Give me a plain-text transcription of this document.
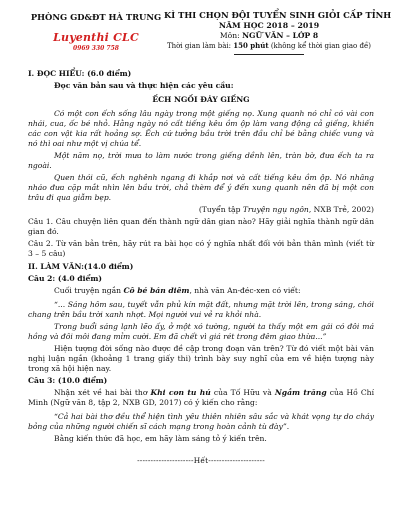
PHÒNG GD&ĐT HÀ TRUNG
Luyenthi CLC
0969 330 758
KÌ THI CHỌN ĐỘI TUYỂN SINH GIỎI CẤP TỈNH
NĂM HỌC 2018 – 2019
Môn: NGỮ VĂN – LỚP 8
Thời gian làm bài: 150 phút (không kể thời gian giao đề)
I. ĐỌC HIỂU: (6.0 điểm)

Đọc văn bản sau và thực hiện các yêu cầu:

ẾCH NGỒI ĐÁY GIẾNG

Có một con ếch sống lâu ngày trong một giếng nọ. Xung quanh nó chỉ có vài con nhái, cua, ốc bé nhỏ. Hằng ngày nó cất tiếng kêu ồm ộp làm vang động cả giếng, khiến các con vật kia rất hoảng sợ. Ếch cứ tưởng bầu trời trên đầu chỉ bé bằng chiếc vung và nó thì oai như một vị chúa tể.

Một năm nọ, trời mưa to làm nước trong giếng dềnh lên, tràn bờ, đưa ếch ta ra ngoài.

Quen thói cũ, ếch nghênh ngang đi khắp nơi và cất tiếng kêu ồm ộp. Nó nhâng nháo đưa cặp mắt nhìn lên bầu trời, chả thèm để ý đến xung quanh nên đã bị một con trâu đi qua giẫm bẹp.

(Tuyển tập Truyện ngụ ngôn, NXB Trẻ, 2002)

Câu 1. Câu chuyện liên quan đến thành ngữ dân gian nào? Hãy giải nghĩa thành ngữ dân gian đó.

Câu 2. Từ văn bản trên, hãy rút ra bài học có ý nghĩa nhất đối với bản thân mình (viết từ 3 – 5 câu)

II. LÀM VĂN:(14.0 điểm)
Câu 2: (4.0 điểm)

Cuối truyện ngắn Cô bé bán diêm, nhà văn An-đéc-xen có viết:

“... Sáng hôm sau, tuyết vẫn phủ kín mặt đất, nhưng mặt trời lên, trong sáng, chói chang trên bầu trời xanh nhợt. Mọi người vui vẻ ra khỏi nhà.

Trong buổi sáng lạnh lẽo ấy, ở một xó tường, người ta thấy một em gái có đôi má hồng và đôi môi đang mỉm cười. Em đã chết vì giá rét trong đêm giao thừa...”

Hiện tượng đời sống nào được đề cập trong đoạn văn trên? Từ đó viết một bài văn nghị luận ngắn (khoảng 1 trang giấy thi) trình bày suy nghĩ của em về hiện tượng này trong xã hội hiện nay.

Câu 3: (10.0 điểm)

Nhận xét về hai bài thơ Khi con tu hú của Tố Hữu và Ngắm trăng của Hồ Chí Minh (Ngữ văn 8, tập 2, NXB GD, 2017) có ý kiến cho rằng:

“Cả hai bài thơ đều thể hiện tình yêu thiên nhiên sâu sắc và khát vọng tự do cháy bỏng của những người chiến sĩ cách mạng trong hoàn cảnh tù đày”.

Bằng kiến thức đã học, em hãy làm sáng tỏ ý kiến trên.

---------------------Hết---------------------
